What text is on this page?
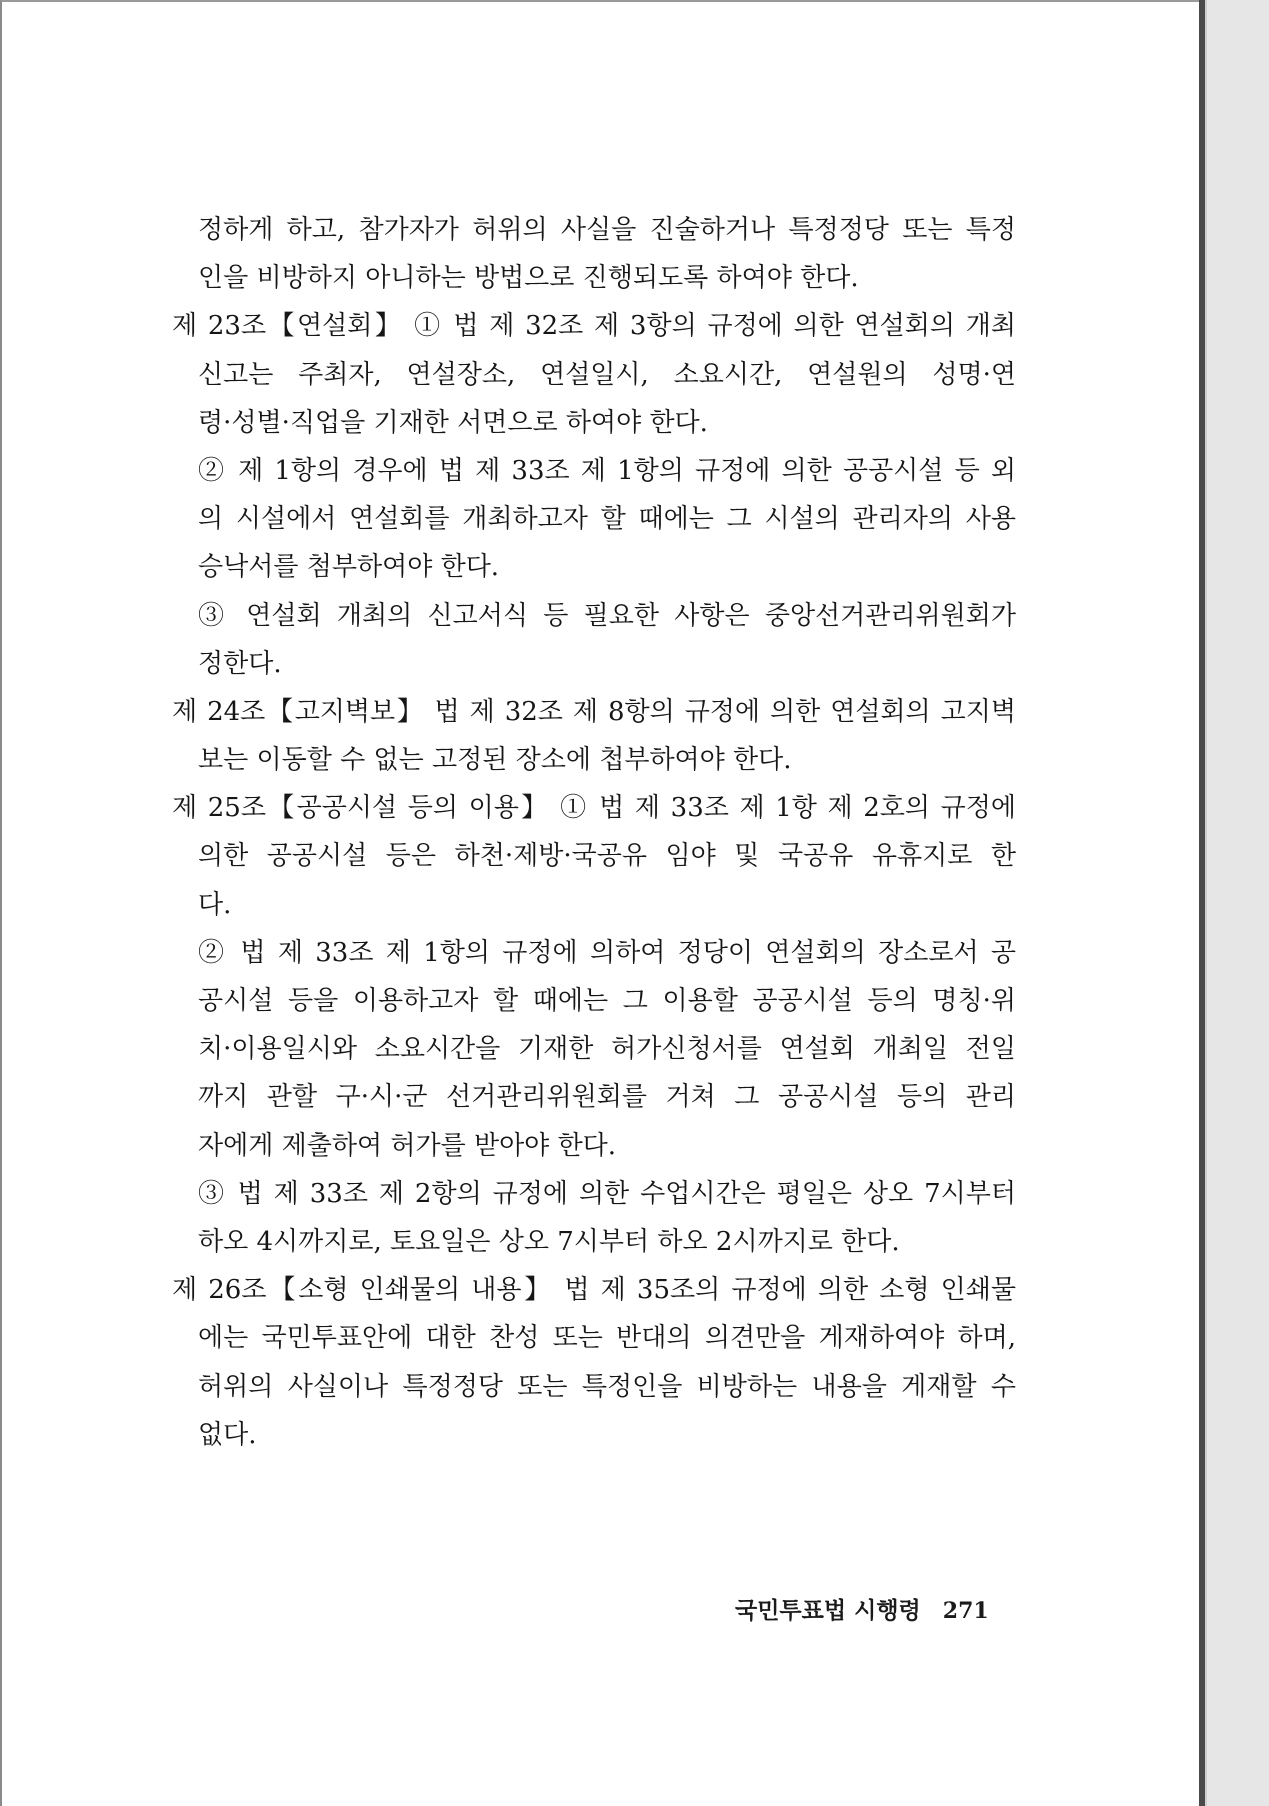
정하게 하고, 참가자가 허위의 사실을 진술하거나 특정정당 또는 특정
인을 비방하지 아니하는 방법으로 진행되도록 하여야 한다.
제 23조【연설회】 ① 법 제 32조 제 3항의 규정에 의한 연설회의 개최
신고는 주최자, 연설장소, 연설일시, 소요시간, 연설원의 성명·연
령·성별·직업을 기재한 서면으로 하여야 한다.
② 제 1항의 경우에 법 제 33조 제 1항의 규정에 의한 공공시설 등 외
의 시설에서 연설회를 개최하고자 할 때에는 그 시설의 관리자의 사용
승낙서를 첨부하여야 한다.
③ 연설회 개최의 신고서식 등 필요한 사항은 중앙선거관리위원회가
정한다.
제 24조【고지벽보】 법 제 32조 제 8항의 규정에 의한 연설회의 고지벽
보는 이동할 수 없는 고정된 장소에 첩부하여야 한다.
제 25조【공공시설 등의 이용】 ① 법 제 33조 제 1항 제 2호의 규정에
의한 공공시설 등은 하천·제방·국공유 임야 및 국공유 유휴지로 한
다.
② 법 제 33조 제 1항의 규정에 의하여 정당이 연설회의 장소로서 공
공시설 등을 이용하고자 할 때에는 그 이용할 공공시설 등의 명칭·위
치·이용일시와 소요시간을 기재한 허가신청서를 연설회 개최일 전일
까지 관할 구·시·군 선거관리위원회를 거쳐 그 공공시설 등의 관리
자에게 제출하여 허가를 받아야 한다.
③ 법 제 33조 제 2항의 규정에 의한 수업시간은 평일은 상오 7시부터
하오 4시까지로, 토요일은 상오 7시부터 하오 2시까지로 한다.
제 26조【소형 인쇄물의 내용】 법 제 35조의 규정에 의한 소형 인쇄물
에는 국민투표안에 대한 찬성 또는 반대의 의견만을 게재하여야 하며,
허위의 사실이나 특정정당 또는 특정인을 비방하는 내용을 게재할 수
없다.
국민투표법 시행령 271
